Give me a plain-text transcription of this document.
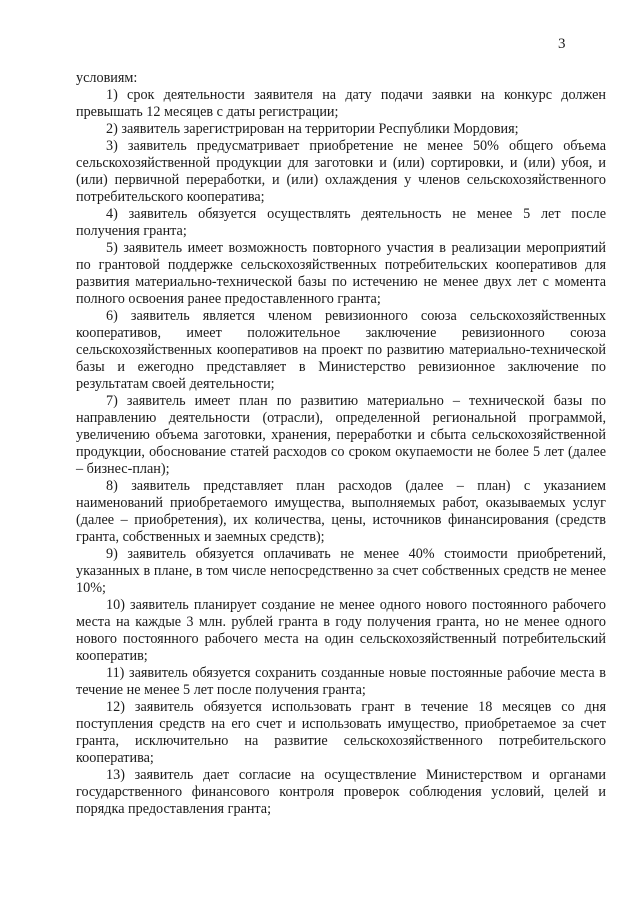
3

условиям:

1) срок деятельности заявителя на дату подачи заявки на конкурс должен превышать 12 месяцев с даты регистрации;

2) заявитель зарегистрирован на территории Республики Мордовия;

3) заявитель предусматривает приобретение не менее 50% общего объема сельскохозяйственной продукции для заготовки и (или) сортировки, и (или) убоя, и (или) первичной переработки, и (или) охлаждения у членов сельскохозяйственного потребительского кооператива;

4) заявитель обязуется осуществлять деятельность не менее 5 лет после получения гранта;

5) заявитель имеет возможность повторного участия в реализации мероприятий по грантовой поддержке сельскохозяйственных потребительских кооперативов для развития материально-технической базы по истечению не менее двух лет с момента полного освоения ранее предоставленного гранта;

6) заявитель является членом ревизионного союза сельскохозяйственных кооперативов, имеет положительное заключение ревизионного союза сельскохозяйственных кооперативов на проект по развитию материально-технической базы и ежегодно представляет в Министерство ревизионное заключение по результатам своей деятельности;

7) заявитель имеет план по развитию материально – технической базы по направлению деятельности (отрасли), определенной региональной программой, увеличению объема заготовки, хранения, переработки и сбыта сельскохозяйственной продукции, обоснование статей расходов со сроком окупаемости не более 5 лет (далее – бизнес-план);

8) заявитель представляет план расходов (далее – план) с указанием наименований приобретаемого имущества, выполняемых работ, оказываемых услуг (далее – приобретения), их количества, цены, источников финансирования (средств гранта, собственных и заемных средств);

9) заявитель обязуется оплачивать не менее 40% стоимости приобретений, указанных в плане, в том числе непосредственно за счет собственных средств не менее 10%;

10) заявитель планирует создание не менее одного нового постоянного рабочего места на каждые 3 млн. рублей гранта в году получения гранта, но не менее одного нового постоянного рабочего места на один сельскохозяйственный потребительский кооператив;

11) заявитель обязуется сохранить созданные новые постоянные рабочие места в течение не менее 5 лет после получения гранта;

12) заявитель обязуется использовать грант в течение 18 месяцев со дня поступления средств на его счет и использовать имущество, приобретаемое за счет гранта, исключительно на развитие сельскохозяйственного потребительского кооператива;

13) заявитель дает согласие на осуществление Министерством и органами государственного финансового контроля проверок соблюдения условий, целей и порядка предоставления гранта;
